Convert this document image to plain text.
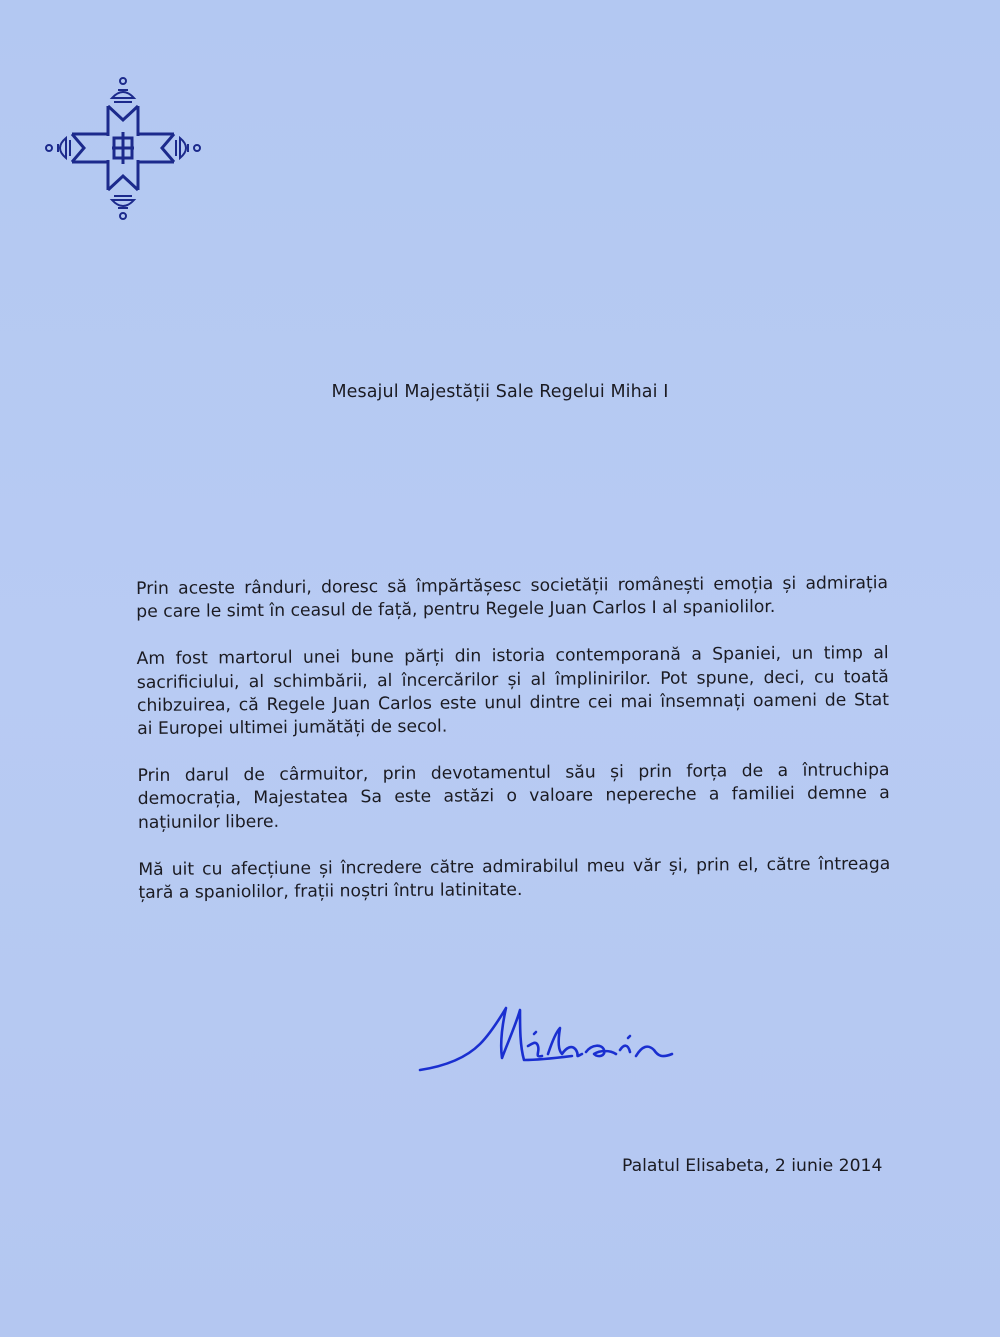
Mesajul Majestății Sale Regelui Mihai I
Prin aceste rânduri, doresc să împărtășesc societății românești emoția și admirația
pe care le simt în ceasul de față, pentru Regele Juan Carlos I al spaniolilor.
Am fost martorul unei bune părți din istoria contemporană a Spaniei, un timp al
sacrificiului, al schimbării, al încercărilor și al împlinirilor. Pot spune, deci, cu toată
chibzuirea, că Regele Juan Carlos este unul dintre cei mai însemnați oameni de Stat
ai Europei ultimei jumătăți de secol.
Prin darul de cârmuitor, prin devotamentul său și prin forța de a întruchipa
democrația, Majestatea Sa este astăzi o valoare nepereche a familiei demne a
națiunilor libere.
Mă uit cu afecțiune și încredere către admirabilul meu văr și, prin el, către întreaga
țară a spaniolilor, frații noștri întru latinitate.
Palatul Elisabeta, 2 iunie 2014
